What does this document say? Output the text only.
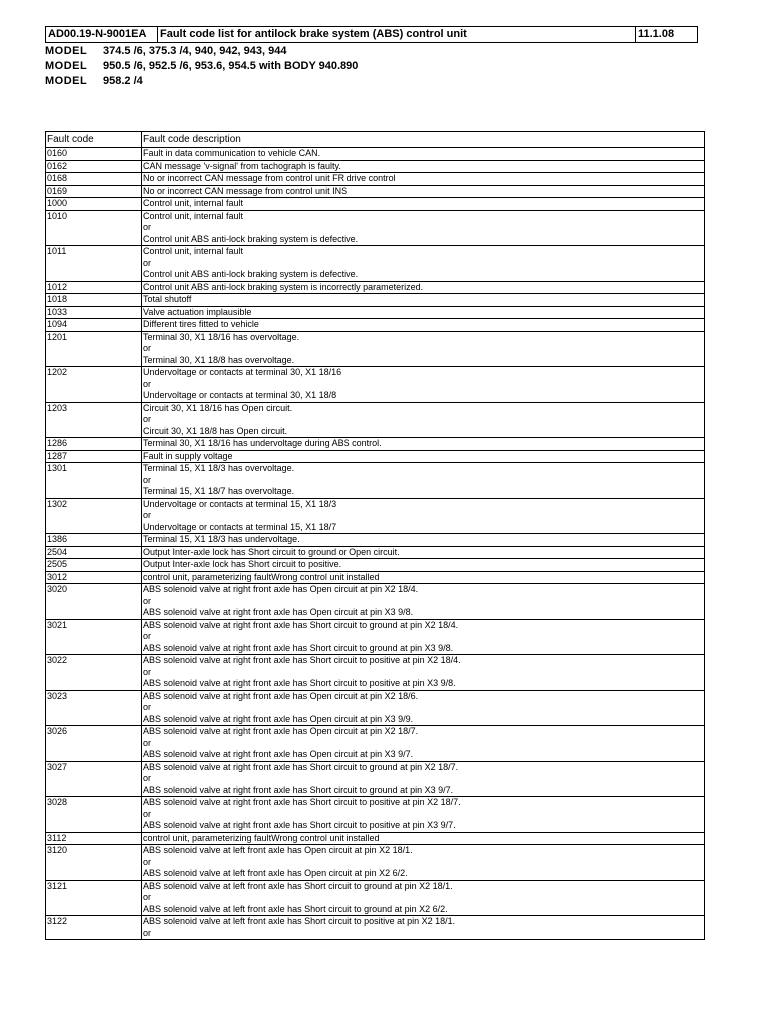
AD00.19-N-9001EA	Fault code list for antilock brake system (ABS) control unit	11.1.08
MODEL	374.5 /6, 375.3 /4, 940, 942, 943, 944
MODEL	950.5 /6, 952.5 /6, 953.6, 954.5 with BODY 940.890
MODEL	958.2 /4
Fault code	Fault code description
0160	Fault in data communication to vehicle CAN.

0162	CAN message 'v-signal' from tachograph is faulty.

0168	No or incorrect CAN message from control unit FR drive control

0169	No or incorrect CAN message from control unit INS

1000	Control unit, internal fault

1010	Control unit, internal fault
or
Control unit ABS anti-lock braking system is defective.

1011	Control unit, internal fault
or
Control unit ABS anti-lock braking system is defective.

1012	Control unit ABS anti-lock braking system is incorrectly parameterized.

1018	Total shutoff

1033	Valve actuation implausible

1094	Different tires fitted to vehicle

1201	Terminal 30, X1 18/16 has overvoltage.
or
Terminal 30, X1 18/8 has overvoltage.

1202	Undervoltage or contacts at terminal 30, X1 18/16
or
Undervoltage or contacts at terminal 30, X1 18/8

1203	Circuit 30, X1 18/16 has Open circuit.
or
Circuit 30, X1 18/8 has Open circuit.

1286	Terminal 30, X1 18/16 has undervoltage during ABS control.

1287	Fault in supply voltage

1301	Terminal 15, X1 18/3 has overvoltage.
or
Terminal 15, X1 18/7 has overvoltage.

1302	Undervoltage or contacts at terminal 15, X1 18/3
or
Undervoltage or contacts at terminal 15, X1 18/7

1386	Terminal 15, X1 18/3 has undervoltage.

2504	Output Inter-axle lock has Short circuit to ground or Open circuit.

2505	Output Inter-axle lock has Short circuit to positive.

3012	control unit, parameterizing faultWrong control unit installed

3020	ABS solenoid valve at right front axle has Open circuit at pin X2 18/4.
or
ABS solenoid valve at right front axle has Open circuit at pin X3 9/8.

3021	ABS solenoid valve at right front axle has Short circuit to ground at pin X2 18/4.
or
ABS solenoid valve at right front axle has Short circuit to ground at pin X3 9/8.

3022	ABS solenoid valve at right front axle has Short circuit to positive at pin X2 18/4.
or
ABS solenoid valve at right front axle has Short circuit to positive at pin X3 9/8.

3023	ABS solenoid valve at right front axle has Open circuit at pin X2 18/6.
or
ABS solenoid valve at right front axle has Open circuit at pin X3 9/9.

3026	ABS solenoid valve at right front axle has Open circuit at pin X2 18/7.
or
ABS solenoid valve at right front axle has Open circuit at pin X3 9/7.

3027	ABS solenoid valve at right front axle has Short circuit to ground at pin X2 18/7.
or
ABS solenoid valve at right front axle has Short circuit to ground at pin X3 9/7.

3028	ABS solenoid valve at right front axle has Short circuit to positive at pin X2 18/7.
or
ABS solenoid valve at right front axle has Short circuit to positive at pin X3 9/7.

3112	control unit, parameterizing faultWrong control unit installed

3120	ABS solenoid valve at left front axle has Open circuit at pin X2 18/1.
or
ABS solenoid valve at left front axle has Open circuit at pin X2 6/2.

3121	ABS solenoid valve at left front axle has Short circuit to ground at pin X2 18/1.
or
ABS solenoid valve at left front axle has Short circuit to ground at pin X2 6/2.

3122	ABS solenoid valve at left front axle has Short circuit to positive at pin X2 18/1.
or
